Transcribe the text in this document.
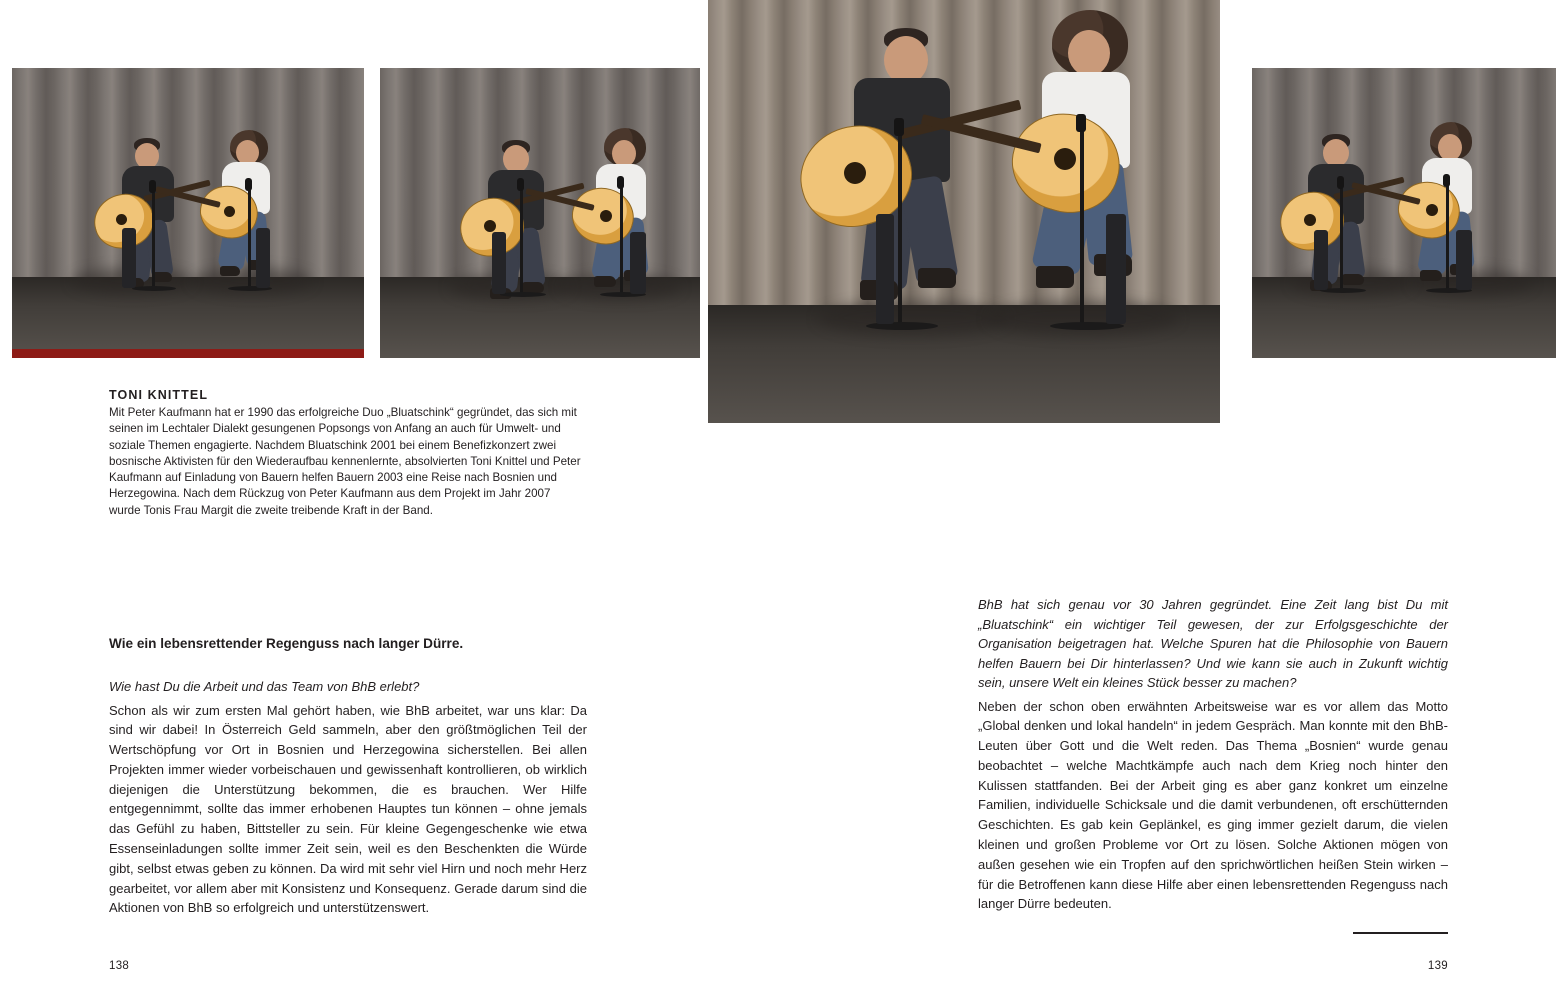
TONI KNITTEL

Mit Peter Kaufmann hat er 1990 das erfolgreiche Duo „Bluatschink“ gegründet, das sich mit seinen im Lechtaler Dialekt gesungenen Popsongs von Anfang an auch für Umwelt- und soziale Themen engagierte. Nachdem Bluatschink 2001 bei einem Benefizkonzert zwei bosnische Aktivisten für den Wiederaufbau kennenlernte, absolvierten Toni Knittel und Peter Kaufmann auf Einladung von Bauern helfen Bauern 2003 eine Reise nach Bosnien und Herzegowina. Nach dem Rückzug von Peter Kaufmann aus dem Projekt im Jahr 2007 wurde Tonis Frau Margit die zweite treibende Kraft in der Band.

Wie ein lebensrettender Regenguss nach langer Dürre.

Wie hast Du die Arbeit und das Team von BhB erlebt?

Schon als wir zum ersten Mal gehört haben, wie BhB arbeitet, war uns klar: Da sind wir dabei! In Österreich Geld sammeln, aber den größtmöglichen Teil der Wertschöpfung vor Ort in Bosnien und Herzegowina sicherstellen. Bei allen Projekten immer wieder vorbeischauen und gewissenhaft kontrollieren, ob wirklich diejenigen die Unterstützung bekommen, die es brauchen. Wer Hilfe entgegennimmt, sollte das immer erhobenen Hauptes tun können – ohne jemals das Gefühl zu haben, Bittsteller zu sein. Für kleine Gegengeschenke wie etwa Essenseinladungen sollte immer Zeit sein, weil es den Beschenkten die Würde gibt, selbst etwas geben zu können. Da wird mit sehr viel Hirn und noch mehr Herz gearbeitet, vor allem aber mit Konsistenz und Konsequenz. Gerade darum sind die Aktionen von BhB so erfolgreich und unterstützenswert.

BhB hat sich genau vor 30 Jahren gegründet. Eine Zeit lang bist Du mit „Bluatschink“ ein wichtiger Teil gewesen, der zur Erfolgsgeschichte der Organisation beigetragen hat. Welche Spuren hat die Philosophie von Bauern helfen Bauern bei Dir hinterlassen? Und wie kann sie auch in Zukunft wichtig sein, unsere Welt ein kleines Stück besser zu machen?

Neben der schon oben erwähnten Arbeitsweise war es vor allem das Motto „Global denken und lokal handeln“ in jedem Gespräch. Man konnte mit den BhB-Leuten über Gott und die Welt reden. Das Thema „Bosnien“ wurde genau beobachtet – welche Machtkämpfe auch nach dem Krieg noch hinter den Kulissen stattfanden. Bei der Arbeit ging es aber ganz konkret um einzelne Familien, individuelle Schicksale und die damit verbundenen, oft erschütternden Geschichten. Es gab kein Geplänkel, es ging immer gezielt darum, die vielen kleinen und großen Probleme vor Ort zu lösen. Solche Aktionen mögen von außen gesehen wie ein Tropfen auf den sprichwörtlichen heißen Stein wirken – für die Betroffenen kann diese Hilfe aber einen lebensrettenden Regenguss nach langer Dürre bedeuten.

138	139
